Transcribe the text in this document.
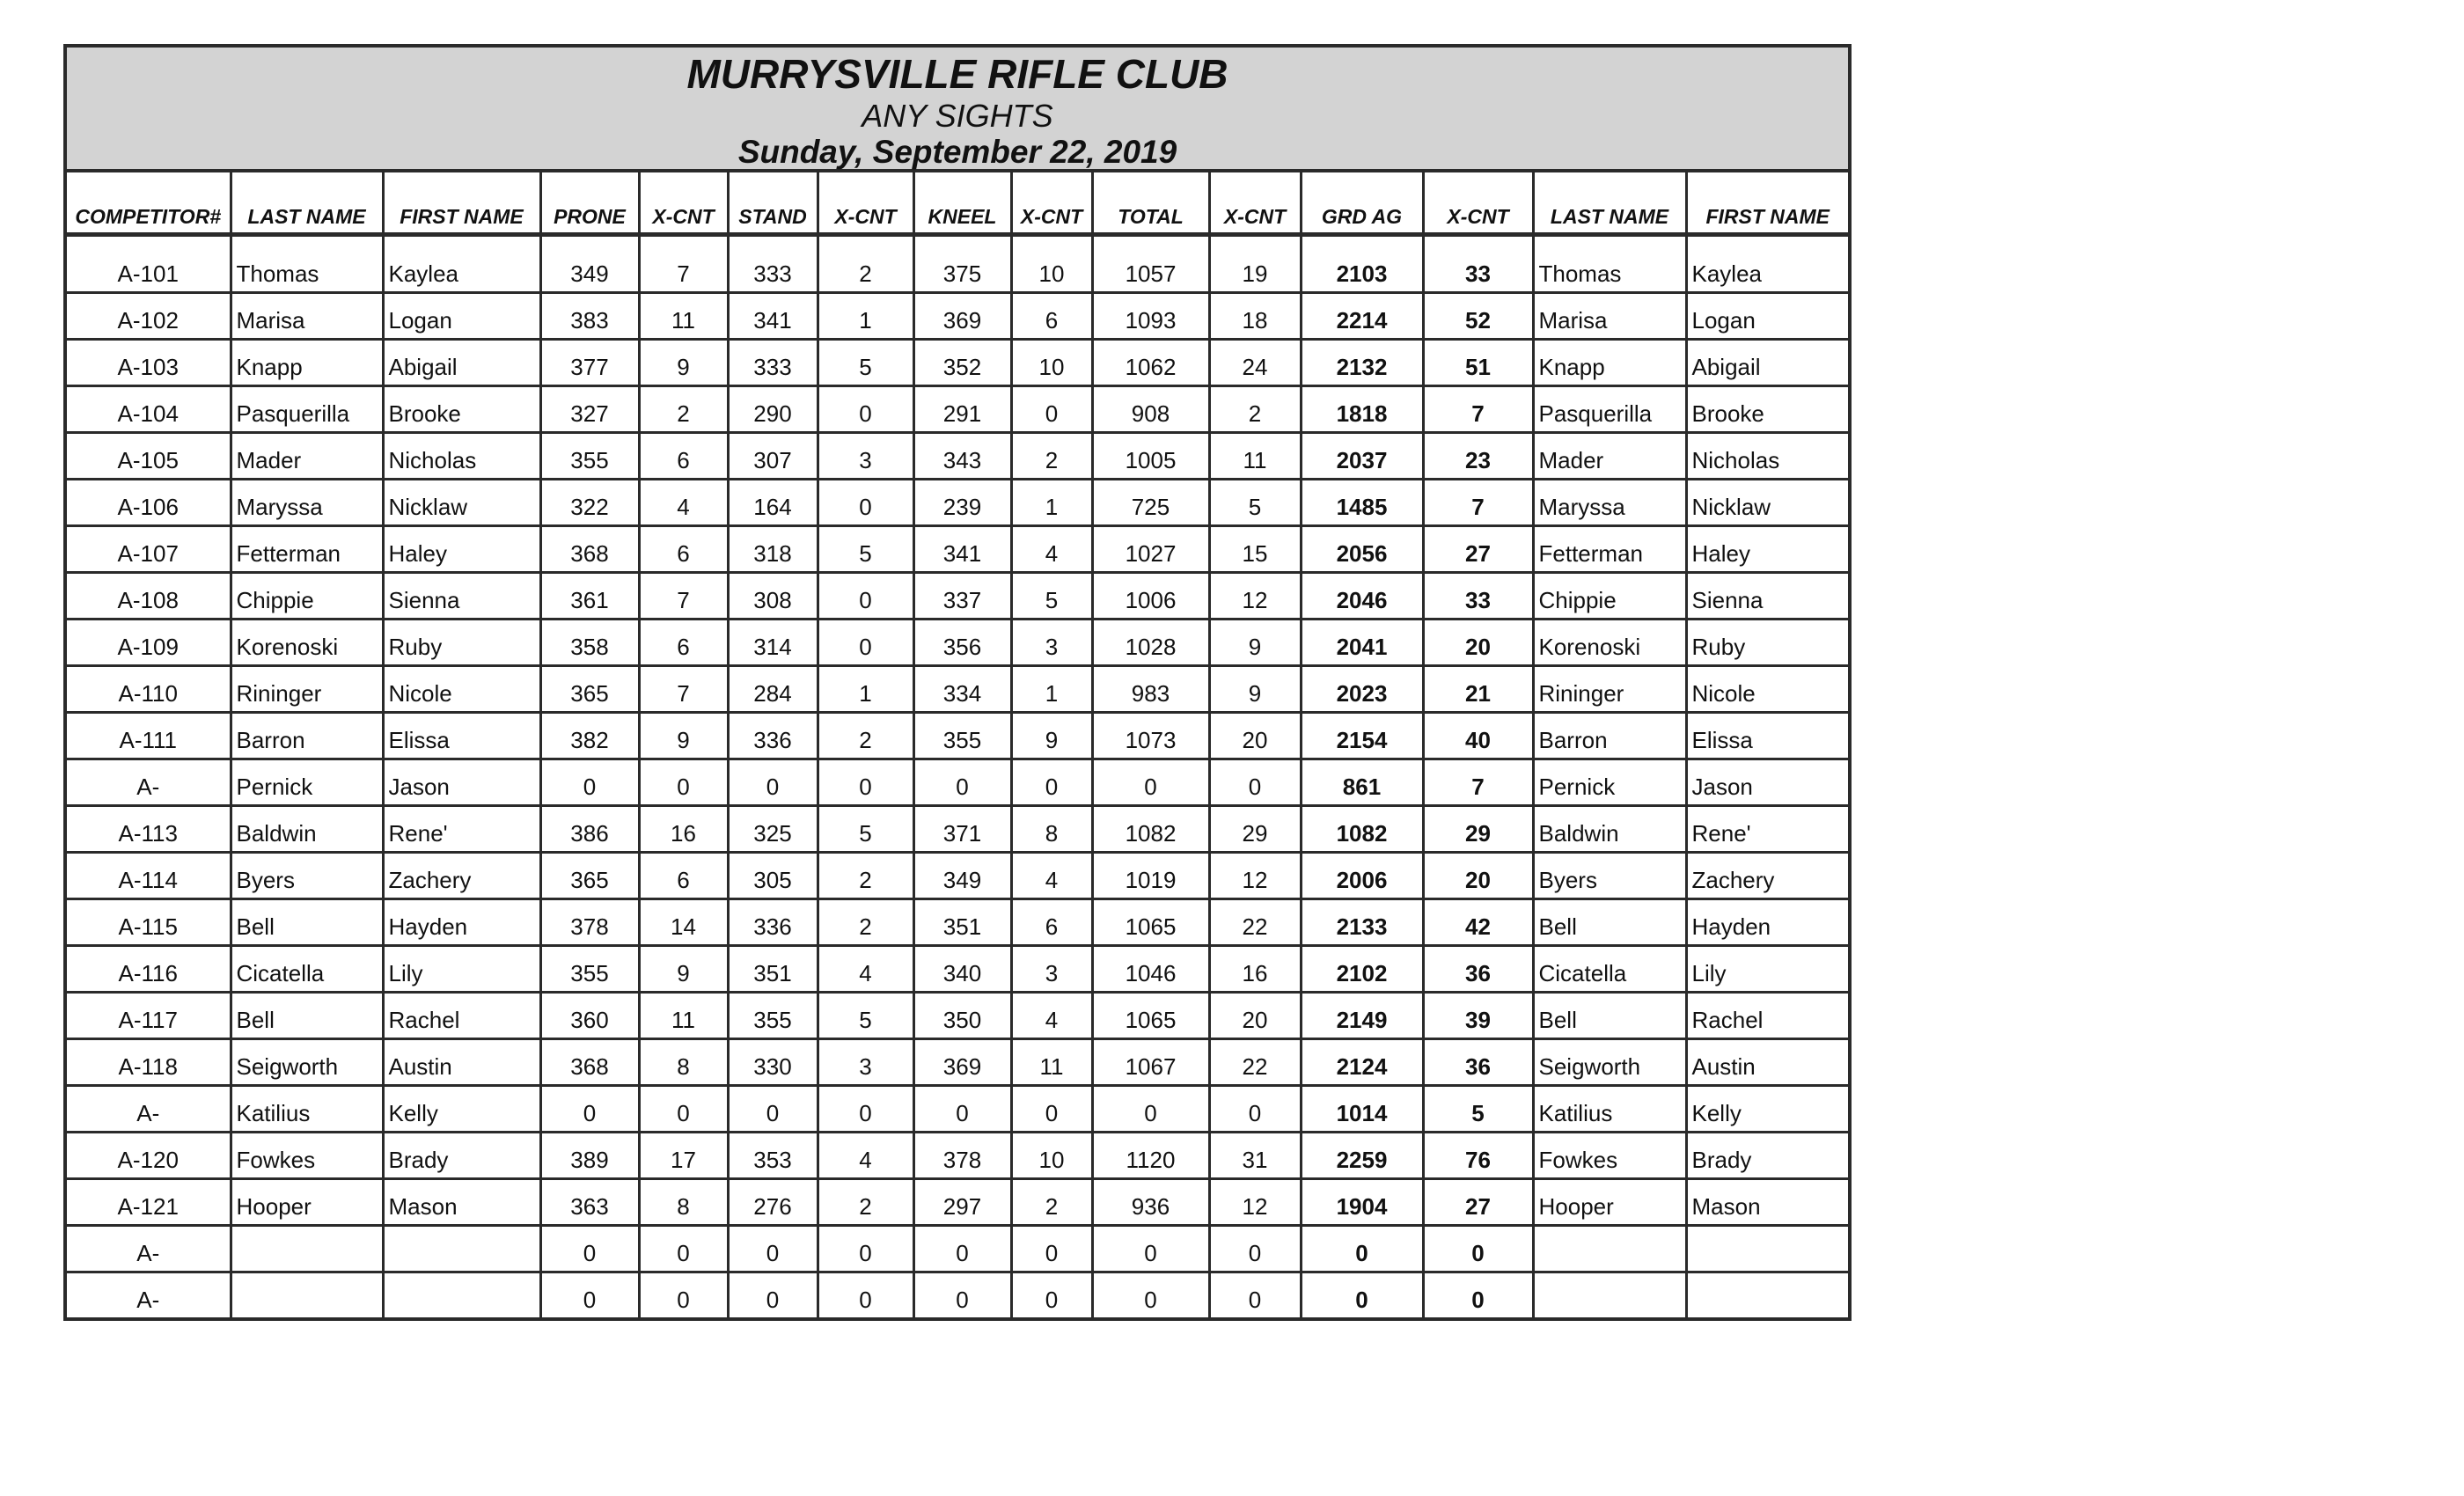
MURRYSVILLE RIFLE CLUB

ANY SIGHTS

Sunday, September 22, 2019

COMPETITOR#	LAST NAME	FIRST NAME	PRONE	X-CNT	STAND	X-CNT	KNEEL	X-CNT	TOTAL	X-CNT	GRD AG	X-CNT	LAST NAME	FIRST NAME
A-101	Thomas	Kaylea	349	7	333	2	375	10	1057	19	2103	33	Thomas	Kaylea
A-102	Marisa	Logan	383	11	341	1	369	6	1093	18	2214	52	Marisa	Logan
A-103	Knapp	Abigail	377	9	333	5	352	10	1062	24	2132	51	Knapp	Abigail
A-104	Pasquerilla	Brooke	327	2	290	0	291	0	908	2	1818	7	Pasquerilla	Brooke
A-105	Mader	Nicholas	355	6	307	3	343	2	1005	11	2037	23	Mader	Nicholas
A-106	Maryssa	Nicklaw	322	4	164	0	239	1	725	5	1485	7	Maryssa	Nicklaw
A-107	Fetterman	Haley	368	6	318	5	341	4	1027	15	2056	27	Fetterman	Haley
A-108	Chippie	Sienna	361	7	308	0	337	5	1006	12	2046	33	Chippie	Sienna
A-109	Korenoski	Ruby	358	6	314	0	356	3	1028	9	2041	20	Korenoski	Ruby
A-110	Rininger	Nicole	365	7	284	1	334	1	983	9	2023	21	Rininger	Nicole
A-111	Barron	Elissa	382	9	336	2	355	9	1073	20	2154	40	Barron	Elissa
A-	Pernick	Jason	0	0	0	0	0	0	0	0	861	7	Pernick	Jason
A-113	Baldwin	Rene'	386	16	325	5	371	8	1082	29	1082	29	Baldwin	Rene'
A-114	Byers	Zachery	365	6	305	2	349	4	1019	12	2006	20	Byers	Zachery
A-115	Bell	Hayden	378	14	336	2	351	6	1065	22	2133	42	Bell	Hayden
A-116	Cicatella	Lily	355	9	351	4	340	3	1046	16	2102	36	Cicatella	Lily
A-117	Bell	Rachel	360	11	355	5	350	4	1065	20	2149	39	Bell	Rachel
A-118	Seigworth	Austin	368	8	330	3	369	11	1067	22	2124	36	Seigworth	Austin
A-	Katilius	Kelly	0	0	0	0	0	0	0	0	1014	5	Katilius	Kelly
A-120	Fowkes	Brady	389	17	353	4	378	10	1120	31	2259	76	Fowkes	Brady
A-121	Hooper	Mason	363	8	276	2	297	2	936	12	1904	27	Hooper	Mason
A-			0	0	0	0	0	0	0	0	0	0		
A-			0	0	0	0	0	0	0	0	0	0		
